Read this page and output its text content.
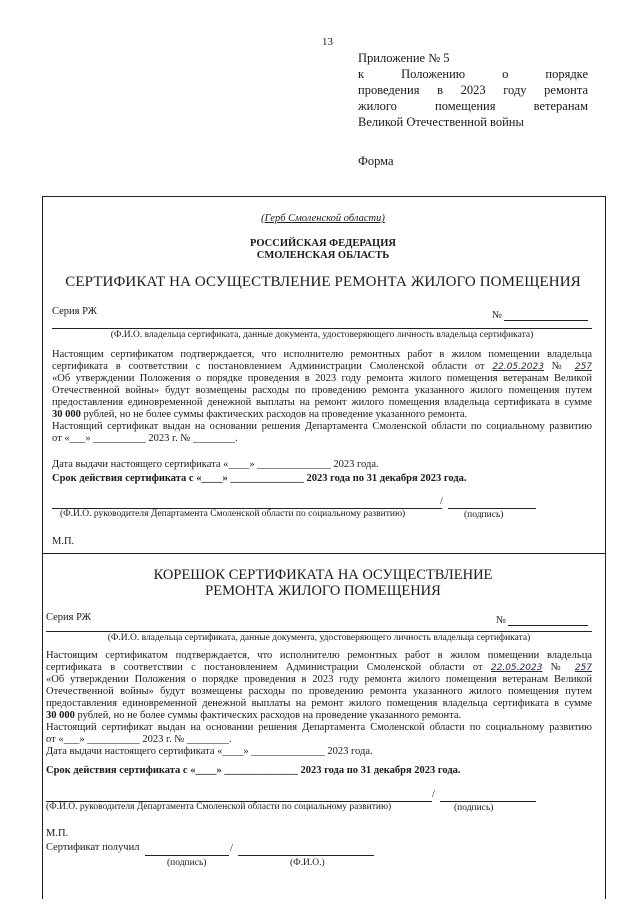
13
Приложение № 5
к Положению о порядке
проведения в 2023 году ремонта
жилого помещения ветеранам
Великой Отечественной войны
Форма
(Герб Смоленской области)
РОССИЙСКАЯ ФЕДЕРАЦИЯ
СМОЛЕНСКАЯ ОБЛАСТЬ
СЕРТИФИКАТ НА ОСУЩЕСТВЛЕНИЕ РЕМОНТА ЖИЛОГО ПОМЕЩЕНИЯ
Серия РЖ	№
(Ф.И.О. владельца сертификата, данные документа, удостоверяющего личность владельца сертификата)
Настоящим сертификатом подтверждается, что исполнителю ремонтных работ в жилом помещении владельца
сертификата в соответствии с постановлением Администрации Смоленской области от 22.05.2023 № 257
«Об утверждении Положения о порядке проведения в 2023 году ремонта жилого помещения ветеранам Великой
Отечественной войны» будут возмещены расходы по проведению ремонта указанного жилого помещения путем
предоставления единовременной денежной выплаты на ремонт жилого помещения владельца сертификата в сумме
30 000 рублей, но не более суммы фактических расходов на проведение указанного ремонта.
Настоящий сертификат выдан на основании решения Департамента Смоленской области по социальному развитию
от «___» __________ 2023 г. № ________.
Дата выдачи настоящего сертификата «____» ______________ 2023 года.
Срок действия сертификата с «____» ______________ 2023 года по 31 декабря 2023 года.
/
(Ф.И.О. руководителя Департамента Смоленской области по социальному развитию)	(подпись)
М.П.
КОРЕШОК СЕРТИФИКАТА НА ОСУЩЕСТВЛЕНИЕ
РЕМОНТА ЖИЛОГО ПОМЕЩЕНИЯ
Серия РЖ	№
(Ф.И.О. владельца сертификата, данные документа, удостоверяющего личность владельца сертификата)
Настоящим сертификатом подтверждается, что исполнителю ремонтных работ в жилом помещении владельца
сертификата в соответствии с постановлением Администрации Смоленской области от 22.05.2023 № 257
«Об утверждении Положения о порядке проведения в 2023 году ремонта жилого помещения ветеранам Великой
Отечественной войны» будут возмещены расходы по проведению ремонта указанного жилого помещения путем
предоставления единовременной денежной выплаты на ремонт жилого помещения владельца сертификата в сумме
30 000 рублей, но не более суммы фактических расходов на проведение указанного ремонта.
Настоящий сертификат выдан на основании решения Департамента Смоленской области по социальному развитию
от «___» __________ 2023 г. № ________.
Дата выдачи настоящего сертификата «____» ______________ 2023 года.
Срок действия сертификата с «____» ______________ 2023 года по 31 декабря 2023 года.
/
(Ф.И.О. руководителя Департамента Смоленской области по социальному развитию)	(подпись)
М.П.
Сертификат получил	/
(подпись)	(Ф.И.О.)
